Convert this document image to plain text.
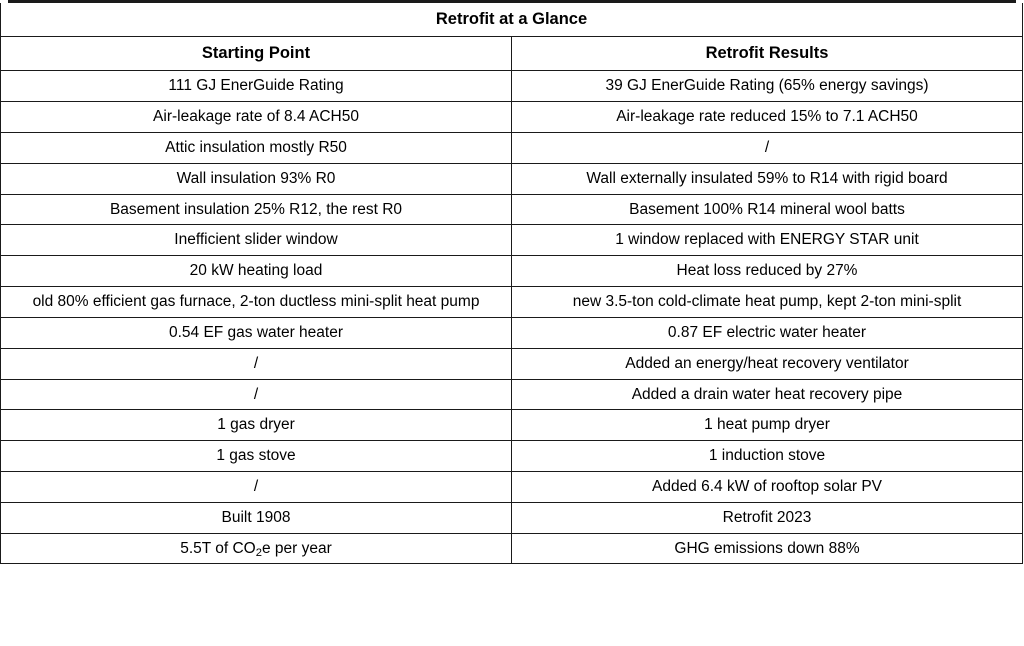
Retrofit at a Glance	
Starting Point	Retrofit Results
111 GJ EnerGuide Rating	39 GJ EnerGuide Rating (65% energy savings)
Air-leakage rate of 8.4 ACH50	Air-leakage rate reduced 15% to 7.1 ACH50
Attic insulation mostly R50	/
Wall insulation 93% R0	Wall externally insulated 59% to R14 with rigid board
Basement insulation 25% R12, the rest R0	Basement 100% R14 mineral wool batts
Inefficient slider window	1 window replaced with ENERGY STAR unit
20 kW heating load	Heat loss reduced by 27%
old 80% efficient gas furnace, 2-ton ductless mini-split heat pump	new 3.5-ton cold-climate heat pump, kept 2-ton mini-split
0.54 EF gas water heater	0.87 EF electric water heater
/	Added an energy/heat recovery ventilator
/	Added a drain water heat recovery pipe
1 gas dryer	1 heat pump dryer
1 gas stove	1 induction stove
/	Added 6.4 kW of rooftop solar PV
Built 1908	Retrofit 2023
5.5T of $CO_2e$ per year	GHG emissions down 88%
